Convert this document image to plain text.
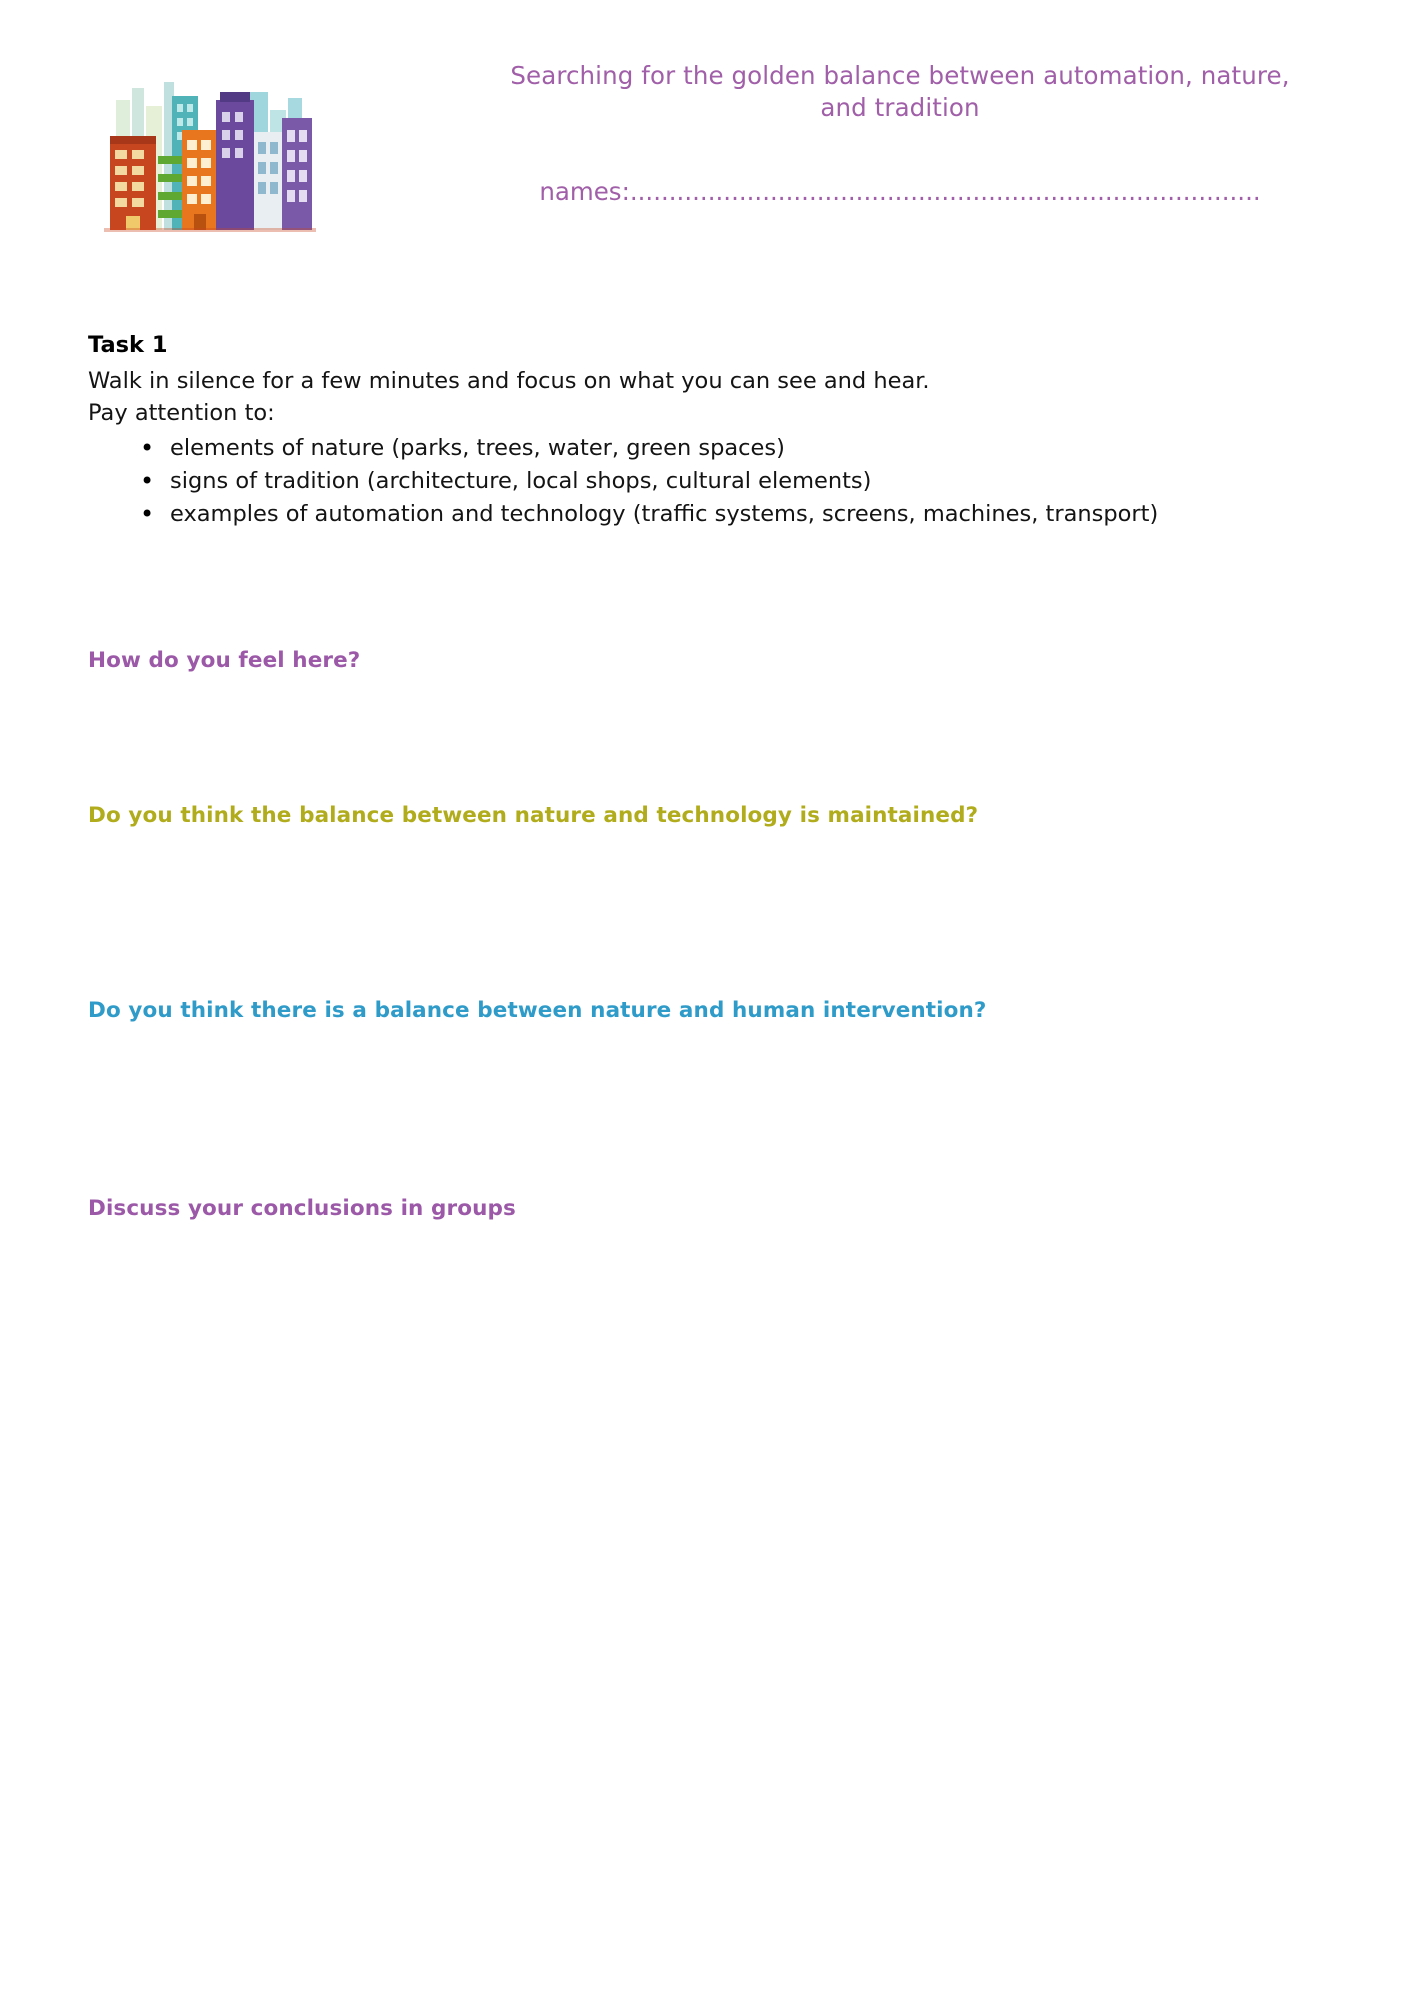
Searching for the golden balance between automation, nature, and tradition
names:.................................................................................
Task 1

Walk in silence for a few minutes and focus on what you can see and hear.

Pay attention to:

• elements of nature (parks, trees, water, green spaces)
• signs of tradition (architecture, local shops, cultural elements)
• examples of automation and technology (traffic systems, screens, machines, transport)
How do you feel here?
Do you think the balance between nature and technology is maintained?
Do you think there is a balance between nature and human intervention?
Discuss your conclusions in groups
